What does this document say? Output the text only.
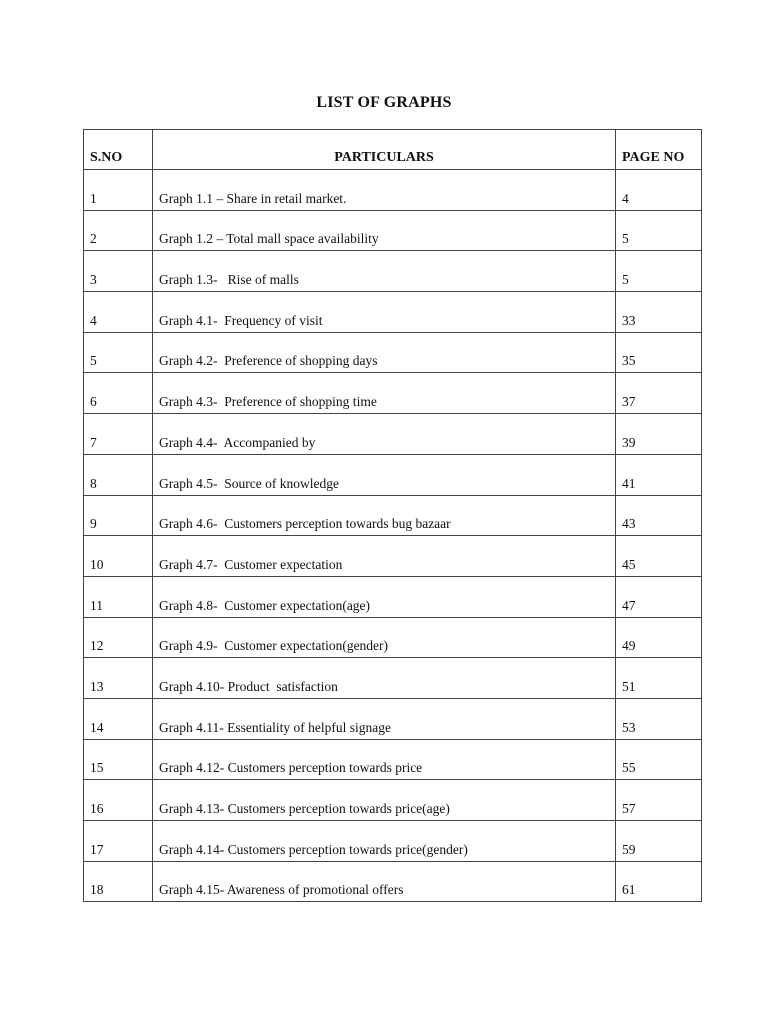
LIST OF GRAPHS
S.NO	PARTICULARS	PAGE NO
1	Graph 1.1 – Share in retail market.	4
2	Graph 1.2 – Total mall space availability	5
3	Graph 1.3-   Rise of malls	5
4	Graph 4.1-  Frequency of visit	33
5	Graph 4.2-  Preference of shopping days	35
6	Graph 4.3-  Preference of shopping time	37
7	Graph 4.4-  Accompanied by	39
8	Graph 4.5-  Source of knowledge	41
9	Graph 4.6-  Customers perception towards bug bazaar	43
10	Graph 4.7-  Customer expectation	45
11	Graph 4.8-  Customer expectation(age)	47
12	Graph 4.9-  Customer expectation(gender)	49
13	Graph 4.10- Product  satisfaction	51
14	Graph 4.11- Essentiality of helpful signage	53
15	Graph 4.12- Customers perception towards price	55
16	Graph 4.13- Customers perception towards price(age)	57
17	Graph 4.14- Customers perception towards price(gender)	59
18	Graph 4.15- Awareness of promotional offers	61
